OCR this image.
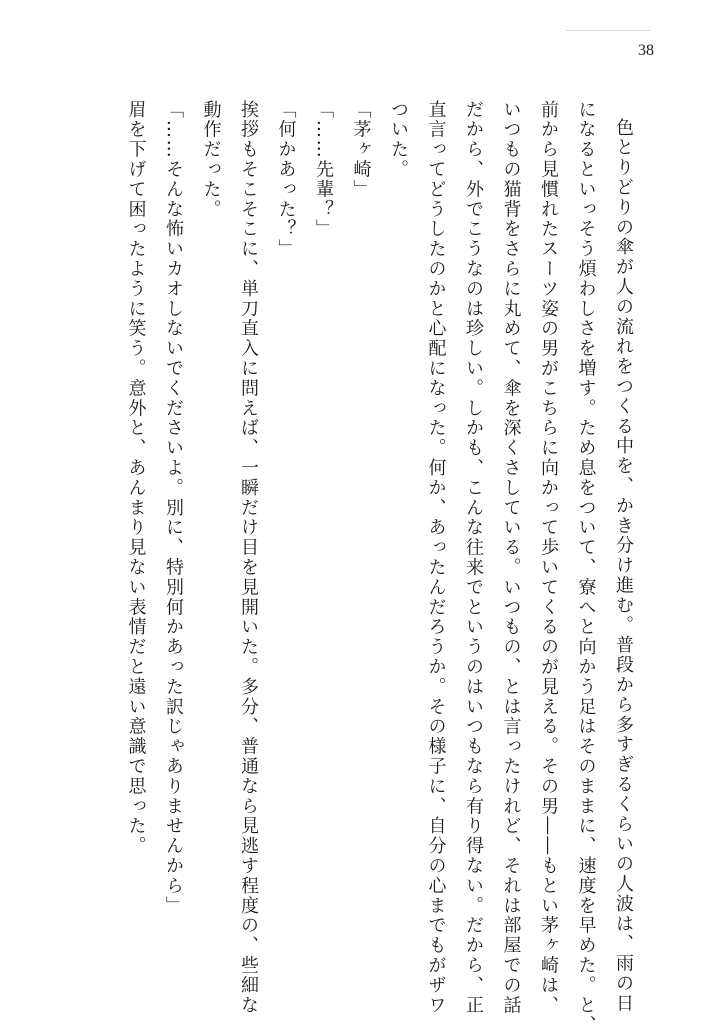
38
色とりどりの傘が人の流れをつくる中を、かき分け進む。普段から多すぎるくらいの人波は、雨の日
になるといっそう煩わしさを増す。ため息をついて、寮へと向かう足はそのままに、速度を早めた。と、
前から見慣れたスーツ姿の男がこちらに向かって歩いてくるのが見える。その男――もとい茅ヶ崎は、
いつもの猫背をさらに丸めて、傘を深くさしている。いつもの、とは言ったけれど、それは部屋での話
だから、外でこうなのは珍しい。しかも、こんな往来でというのはいつもなら有り得ない。だから、正
直言ってどうしたのかと心配になった。何か、あったんだろうか。その様子に、自分の心までもがザワ
ついた。
「茅ヶ崎」
「……先輩？」
「何かあった？」
挨拶もそこそこに、単刀直入に問えば、一瞬だけ目を見開いた。多分、普通なら見逃す程度の、些細な
動作だった。
「……そんな怖いカオしないでくださいよ。別に、特別何かあった訳じゃありませんから」
眉を下げて困ったように笑う。意外と、あんまり見ない表情だと遠い意識で思った。
